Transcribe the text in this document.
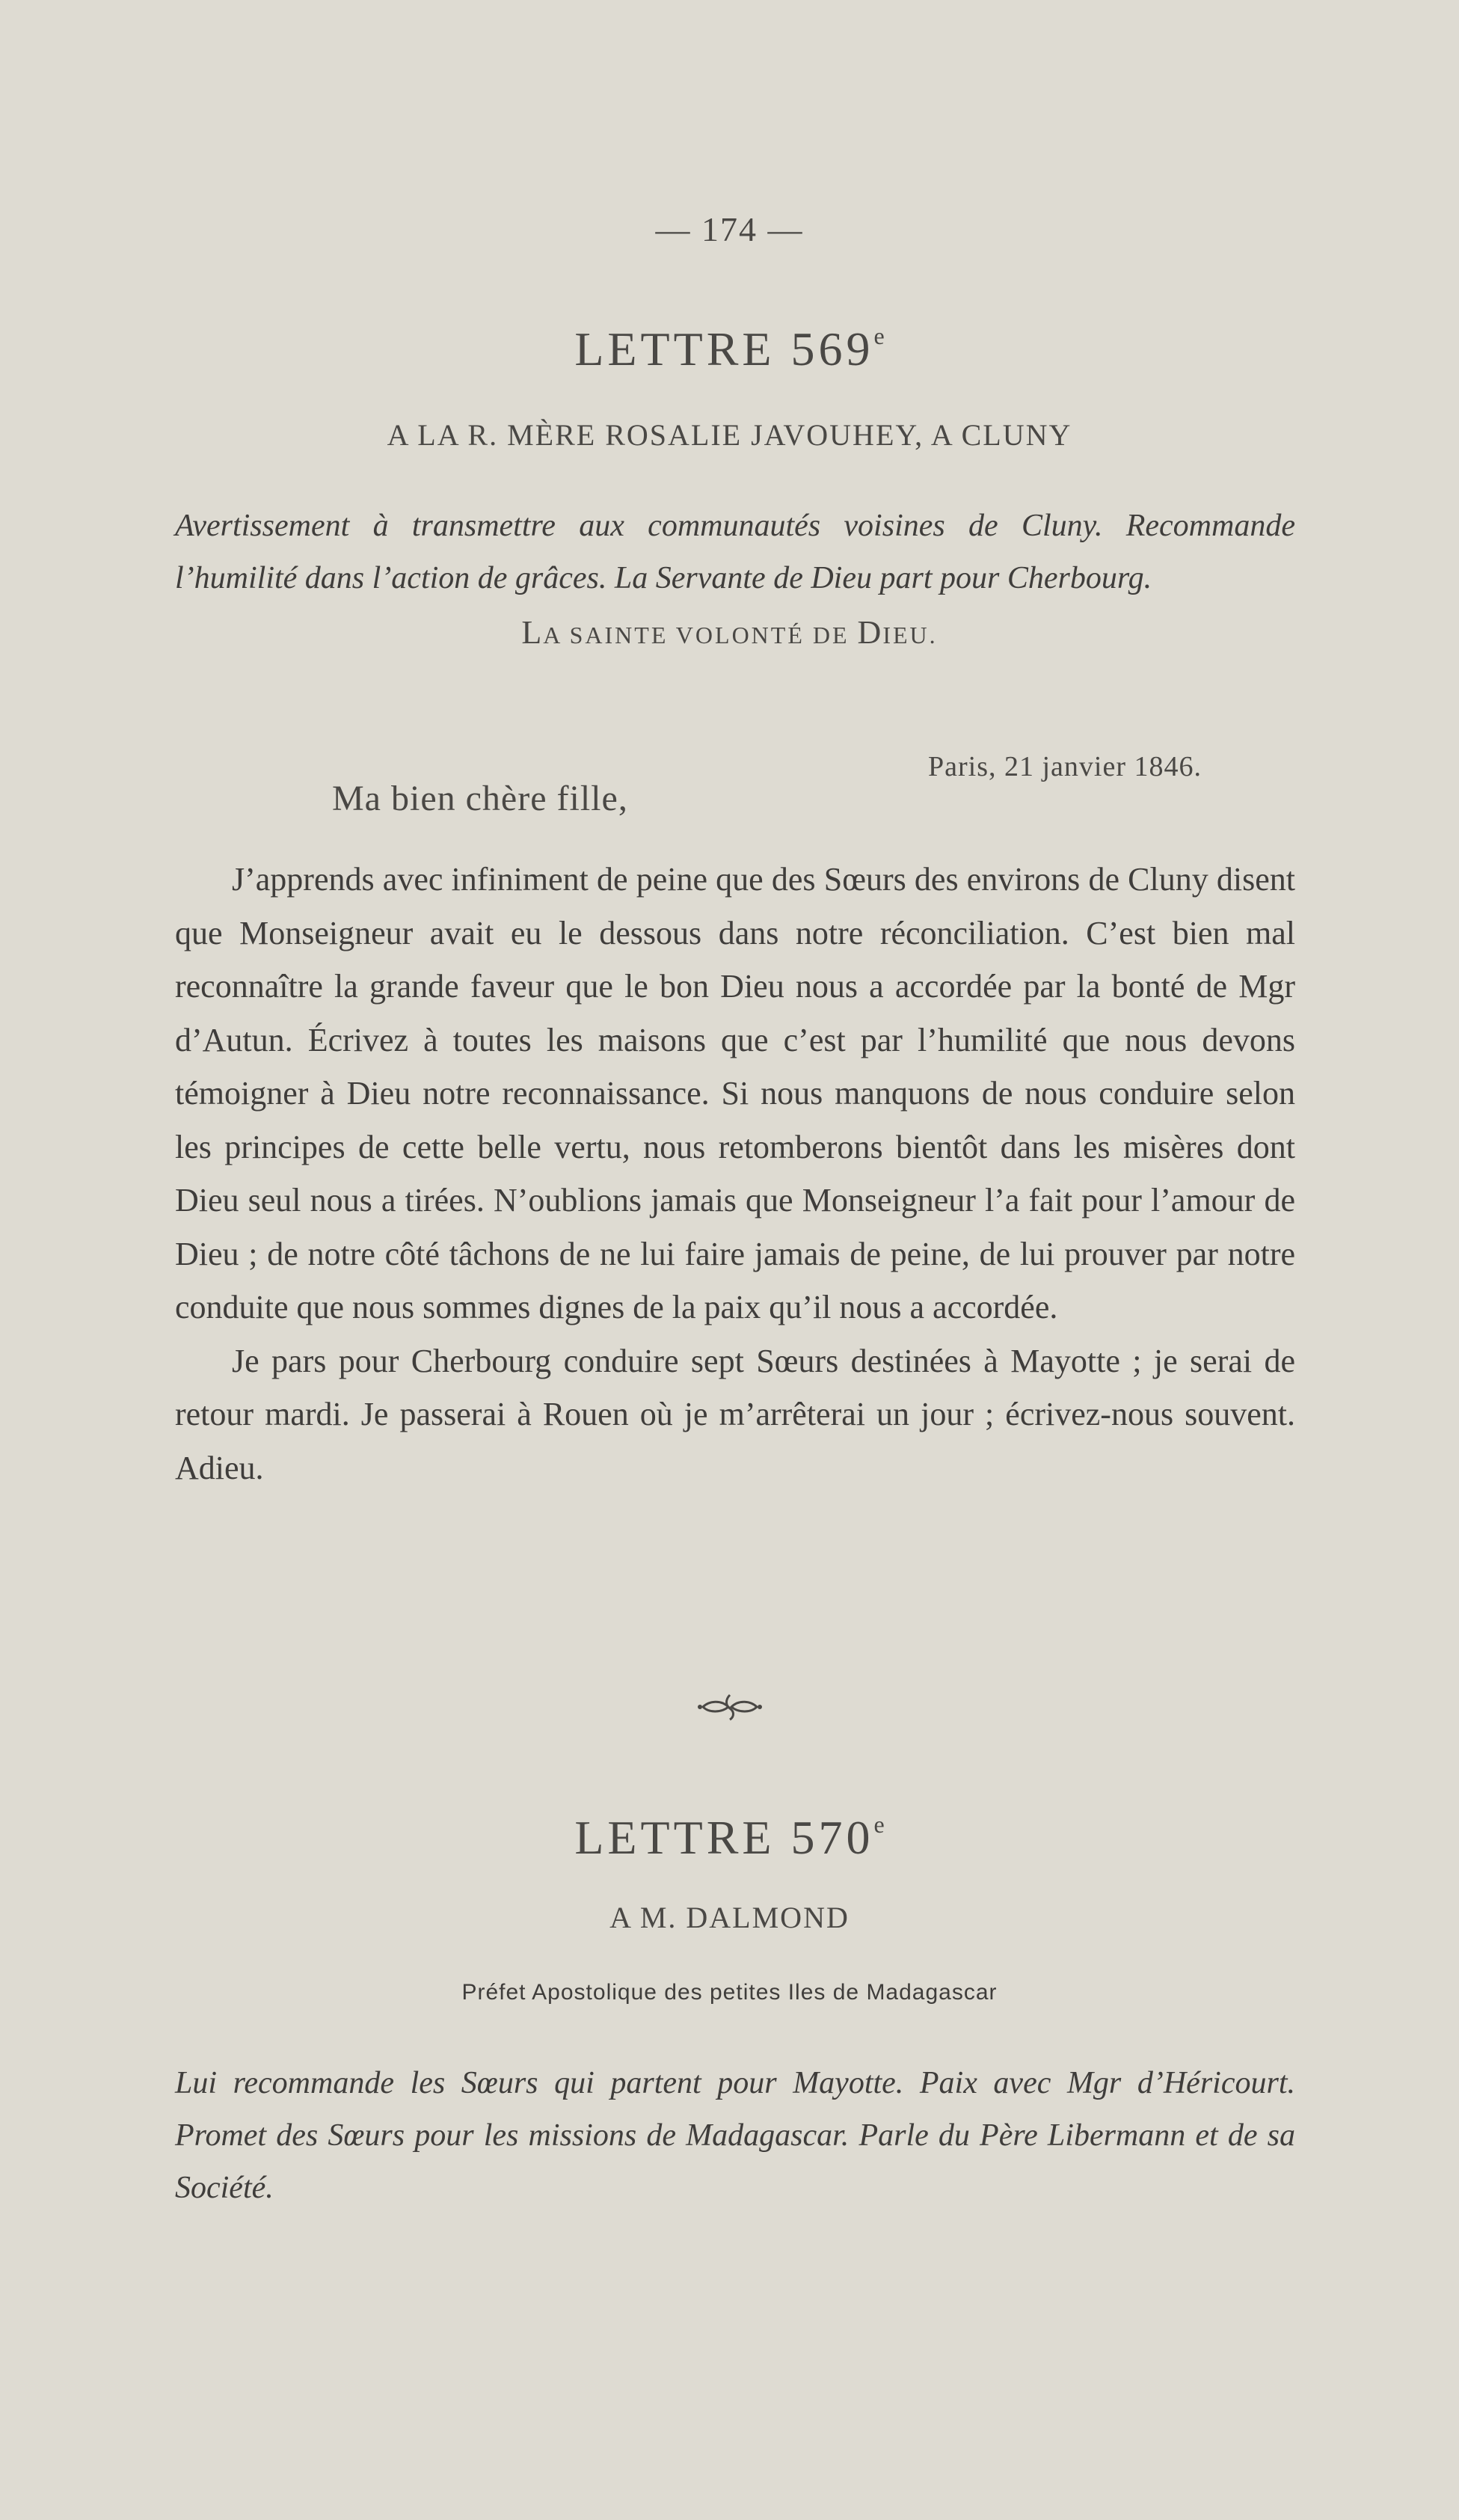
— 174 —
LETTRE 569e
A LA R. MÈRE ROSALIE JAVOUHEY, A CLUNY
Avertissement à transmettre aux communautés voisines de Cluny. Recommande l’humilité dans l’action de grâces. La Servante de Dieu part pour Cherbourg.
LA SAINTE VOLONTÉ DE DIEU.
Paris, 21 janvier 1846.
Ma bien chère fille,

J’apprends avec infiniment de peine que des Sœurs des environs de Cluny disent que Monseigneur avait eu le dessous dans notre réconciliation. C’est bien mal reconnaître la grande faveur que le bon Dieu nous a accordée par la bonté de Mgr d’Autun. Écrivez à toutes les maisons que c’est par l’humilité que nous devons témoigner à Dieu notre reconnaissance. Si nous manquons de nous conduire selon les principes de cette belle vertu, nous retomberons bientôt dans les misères dont Dieu seul nous a tirées. N’oublions jamais que Monseigneur l’a fait pour l’amour de Dieu ; de notre côté tâchons de ne lui faire jamais de peine, de lui prouver par notre conduite que nous sommes dignes de la paix qu’il nous a accordée.

Je pars pour Cherbourg conduire sept Sœurs destinées à Mayotte ; je serai de retour mardi. Je passerai à Rouen où je m’arrêterai un jour ; écrivez-nous souvent. Adieu.

LETTRE 570e
A M. DALMOND
Préfet Apostolique des petites Iles de Madagascar
Lui recommande les Sœurs qui partent pour Mayotte. Paix avec Mgr d’Héricourt. Promet des Sœurs pour les missions de Madagascar. Parle du Père Libermann et de sa Société.
